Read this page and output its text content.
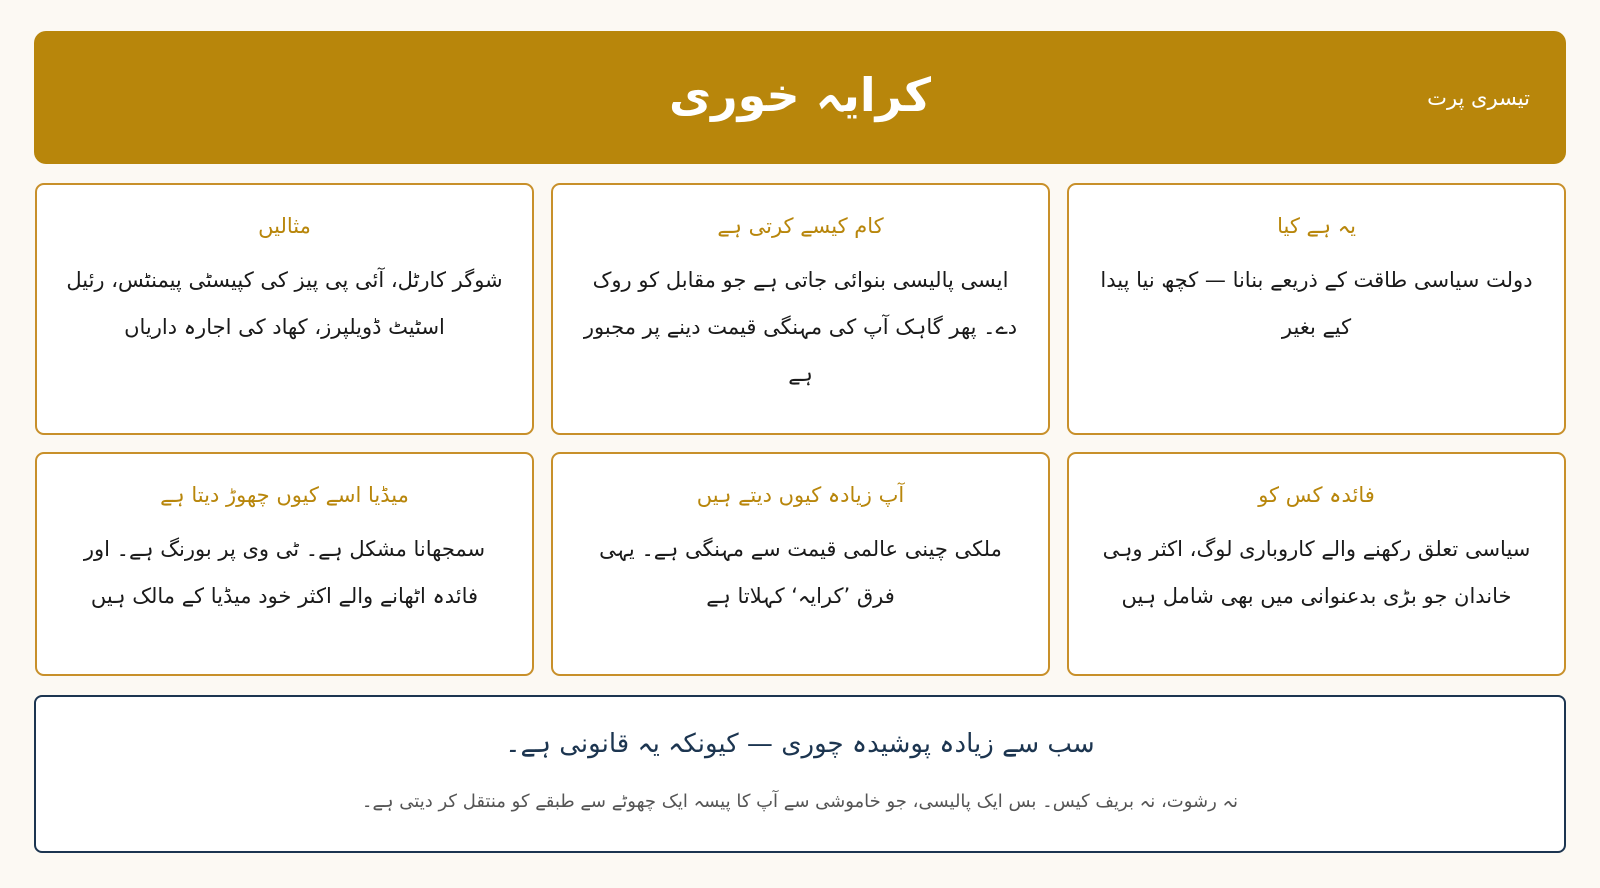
تیسری پرت
کرایہ خوری
یہ ہے کیا
دولت سیاسی طاقت کے ذریعے بنانا — کچھ نیا پیدا کیے بغیر
کام کیسے کرتی ہے
ایسی پالیسی بنوائی جاتی ہے جو مقابل کو روک دے۔ پھر گاہک آپ کی مہنگی قیمت دینے پر مجبور ہے
مثالیں
شوگر کارٹل، آئی پی پیز کی کپیسٹی پیمنٹس، رئیل اسٹیٹ ڈویلپرز، کھاد کی اجارہ داریاں
فائدہ کس کو
سیاسی تعلق رکھنے والے کاروباری لوگ، اکثر وہی خاندان جو بڑی بدعنوانی میں بھی شامل ہیں
آپ زیادہ کیوں دیتے ہیں
ملکی چینی عالمی قیمت سے مہنگی ہے۔ یہی فرق ’کرایہ‘ کہلاتا ہے
میڈیا اسے کیوں چھوڑ دیتا ہے
سمجھانا مشکل ہے۔ ٹی وی پر بورنگ ہے۔ اور فائدہ اٹھانے والے اکثر خود میڈیا کے مالک ہیں
سب سے زیادہ پوشیدہ چوری — کیونکہ یہ قانونی ہے۔
نہ رشوت، نہ بریف کیس۔ بس ایک پالیسی، جو خاموشی سے آپ کا پیسہ ایک چھوٹے سے طبقے کو منتقل کر دیتی ہے۔
